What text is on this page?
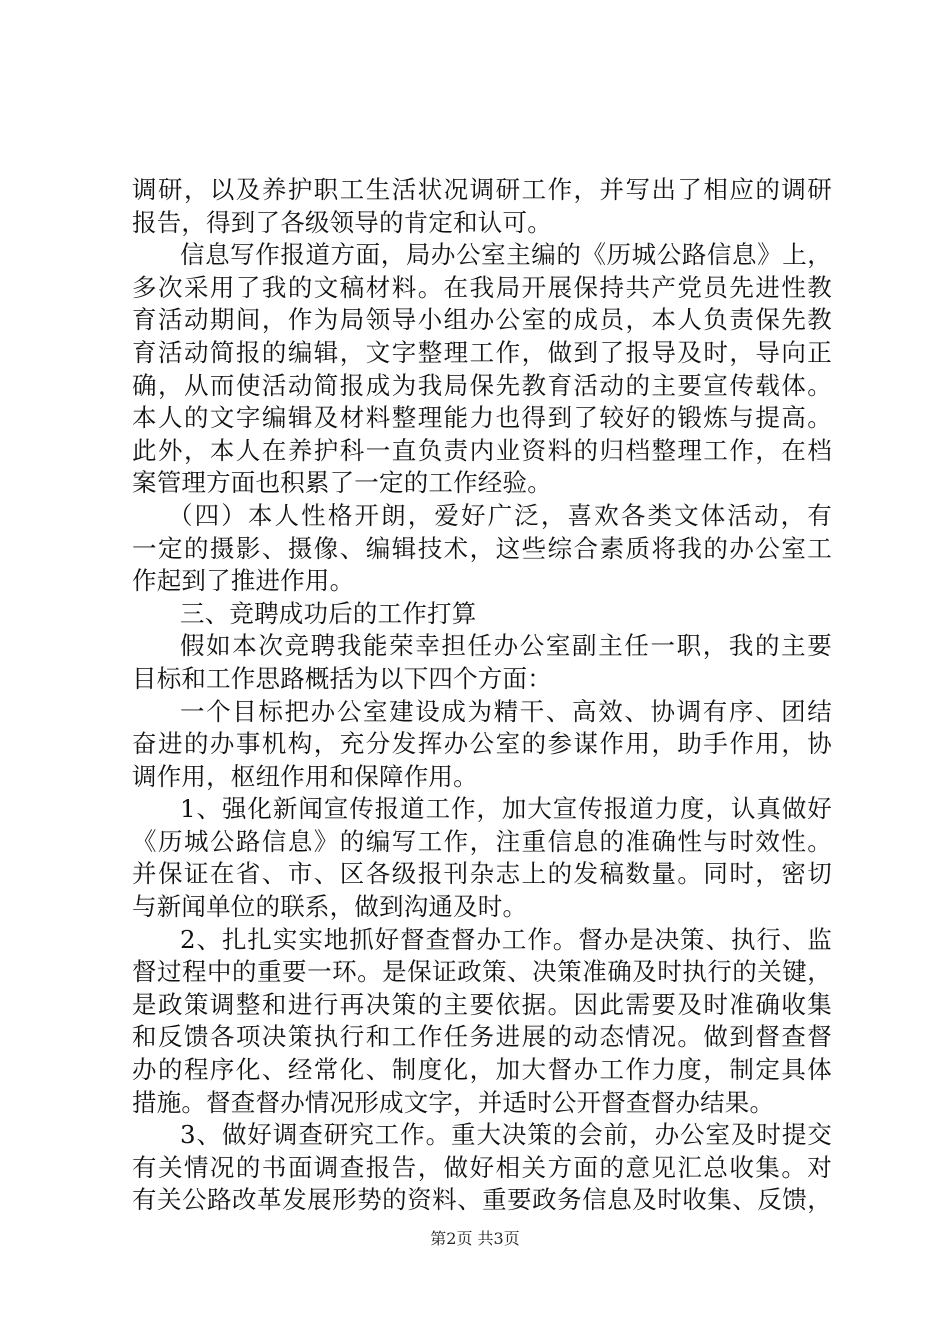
调研，以及养护职工生活状况调研工作，并写出了相应的调研
报告，得到了各级领导的肯定和认可。
信息写作报道方面，局办公室主编的《历城公路信息》上，
多次采用了我的文稿材料。在我局开展保持共产党员先进性教
育活动期间，作为局领导小组办公室的成员，本人负责保先教
育活动简报的编辑，文字整理工作，做到了报导及时，导向正
确，从而使活动简报成为我局保先教育活动的主要宣传载体。
本人的文字编辑及材料整理能力也得到了较好的锻炼与提高。
此外，本人在养护科一直负责内业资料的归档整理工作，在档
案管理方面也积累了一定的工作经验。
（四）本人性格开朗，爱好广泛，喜欢各类文体活动，有
一定的摄影、摄像、编辑技术，这些综合素质将我的办公室工
作起到了推进作用。
三、竞聘成功后的工作打算
假如本次竞聘我能荣幸担任办公室副主任一职，我的主要
目标和工作思路概括为以下四个方面：
一个目标把办公室建设成为精干、高效、协调有序、团结
奋进的办事机构，充分发挥办公室的参谋作用，助手作用，协
调作用，枢纽作用和保障作用。
1、强化新闻宣传报道工作，加大宣传报道力度，认真做好
《历城公路信息》的编写工作，注重信息的准确性与时效性。
并保证在省、市、区各级报刊杂志上的发稿数量。同时，密切
与新闻单位的联系，做到沟通及时。
2、扎扎实实地抓好督查督办工作。督办是决策、执行、监
督过程中的重要一环。是保证政策、决策准确及时执行的关键，
是政策调整和进行再决策的主要依据。因此需要及时准确收集
和反馈各项决策执行和工作任务进展的动态情况。做到督查督
办的程序化、经常化、制度化，加大督办工作力度，制定具体
措施。督查督办情况形成文字，并适时公开督查督办结果。
3、做好调查研究工作。重大决策的会前，办公室及时提交
有关情况的书面调查报告，做好相关方面的意见汇总收集。对
有关公路改革发展形势的资料、重要政务信息及时收集、反馈，
第2页 共3页
